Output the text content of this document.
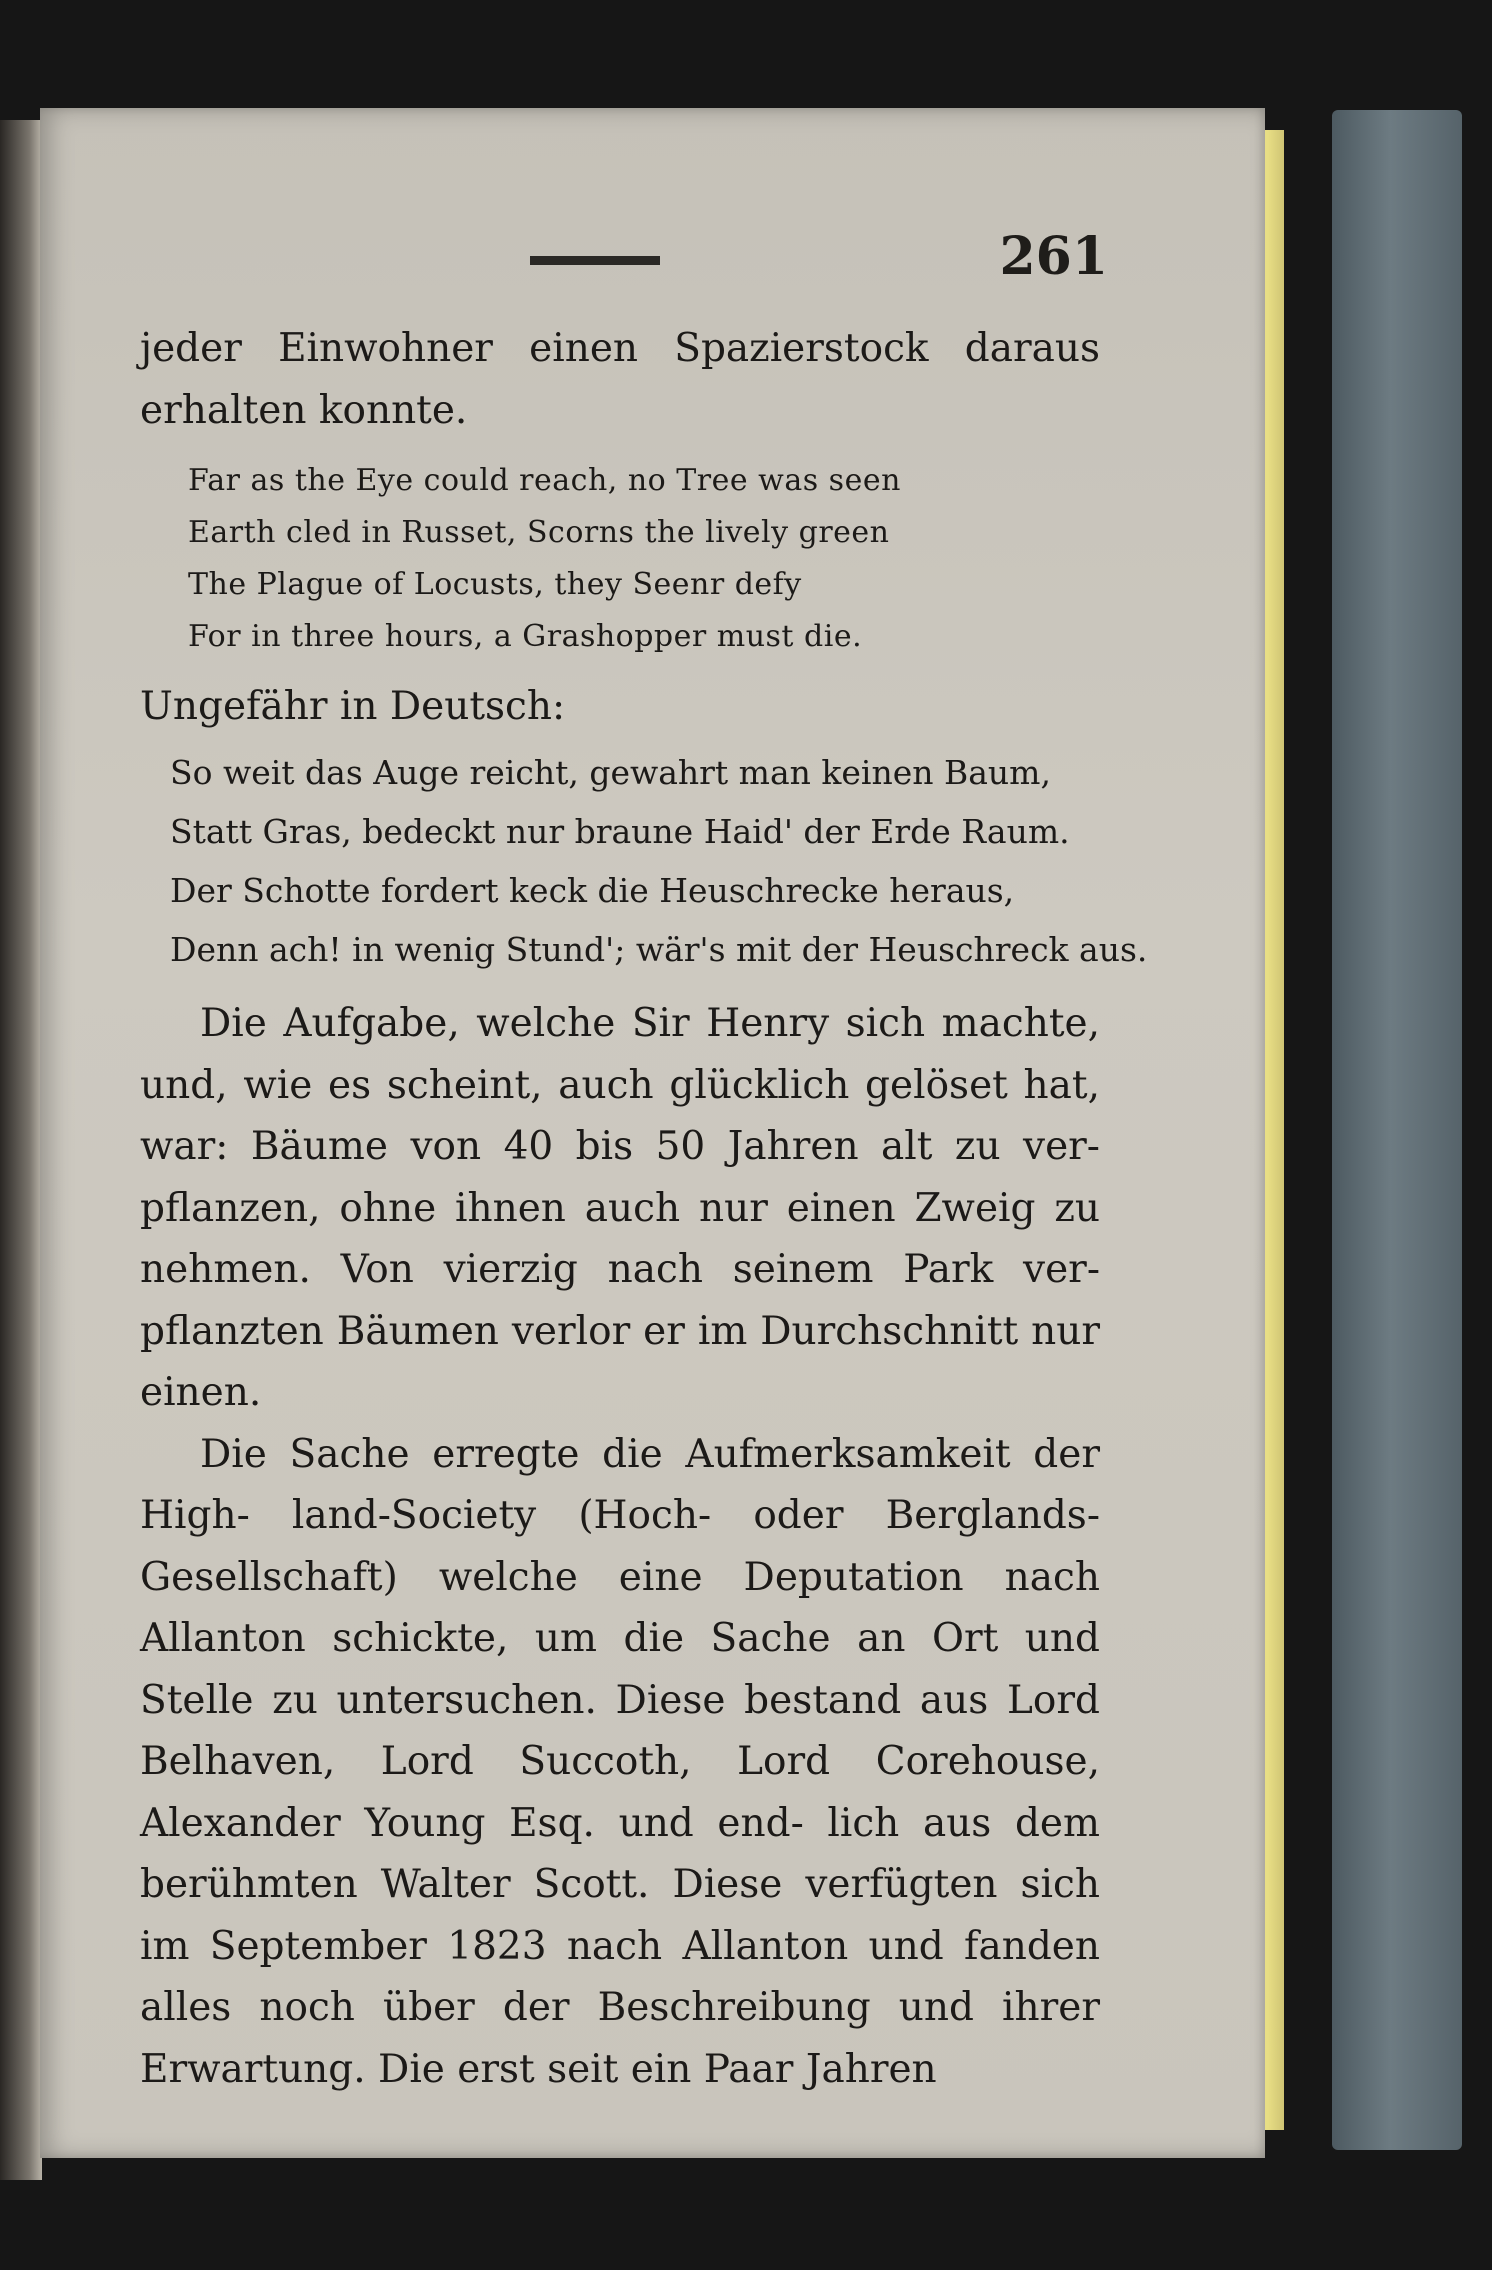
261

jeder Einwohner einen Spazierstock daraus erhalten konnte.

Far as the Eye could reach, no Tree was seen
Earth cled in Russet, Scorns the lively green
The Plague of Locusts, they Seenr defy
For in three hours, a Grashopper must die.
Ungefähr in Deutsch:
So weit das Auge reicht, gewahrt man keinen Baum,
Statt Gras, bedeckt nur braune Haid' der Erde Raum.
Der Schotte fordert keck die Heuschrecke heraus,
Denn ach! in wenig Stund'; wär's mit der Heuschreck aus.

Die Aufgabe, welche Sir Henry sich machte, und, wie es scheint, auch glücklich gelöset hat, war: Bäume von 40 bis 50 Jahren alt zu ver- pflanzen, ohne ihnen auch nur einen Zweig zu nehmen. Von vierzig nach seinem Park ver- pflanzten Bäumen verlor er im Durchschnitt nur einen.

Die Sache erregte die Aufmerksamkeit der High- land-Society (Hoch- oder Berglands-Gesellschaft) welche eine Deputation nach Allanton schickte, um die Sache an Ort und Stelle zu untersuchen. Diese bestand aus Lord Belhaven, Lord Succoth, Lord Corehouse, Alexander Young Esq. und end- lich aus dem berühmten Walter Scott. Diese verfügten sich im September 1823 nach Allanton und fanden alles noch über der Beschreibung und ihrer Erwartung. Die erst seit ein Paar Jahren
